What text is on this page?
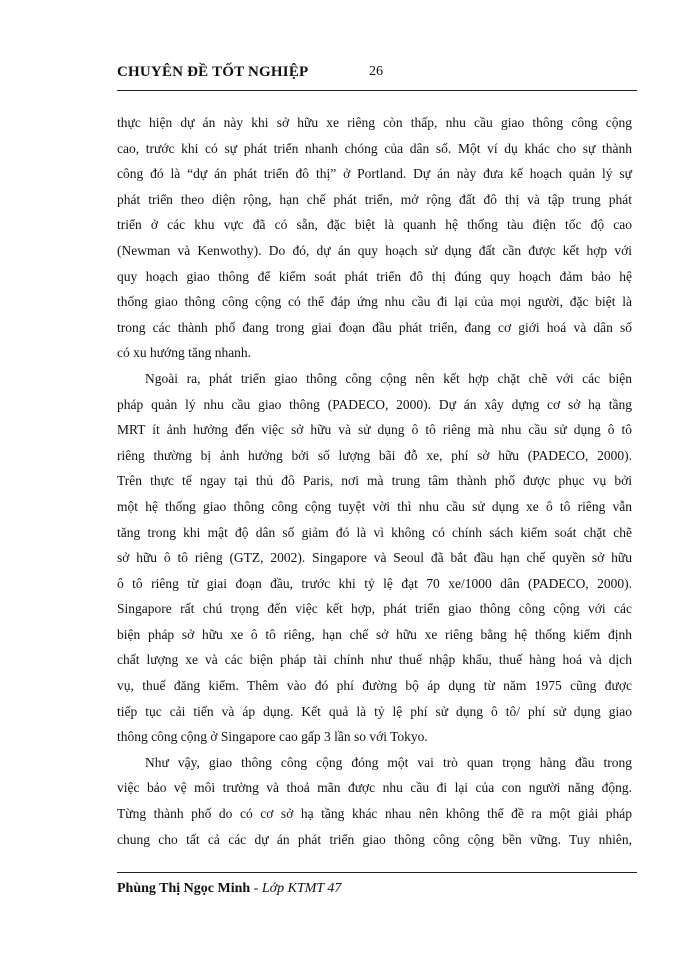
CHUYÊN ĐỀ TỐT NGHIỆP	26

thực hiện dự án này khi sở hữu xe riêng còn thấp, nhu cầu giao thông công cộng
cao, trước khi có sự phát triển nhanh chóng của dân số. Một ví dụ khác cho sự thành
công đó là “dự án phát triển đô thị” ở Portland. Dự án này đưa kế hoạch quản lý sự
phát triển theo diện rộng, hạn chế phát triển, mở rộng đất đô thị và tập trung phát
triển ở các khu vực đã có sẵn, đặc biệt là quanh hệ thống tàu điện tốc độ cao
(Newman và Kenwothy). Do đó, dự án quy hoạch sử dụng đất cần được kết hợp với
quy hoạch giao thông để kiểm soát phát triển đô thị đúng quy hoạch đảm bảo hệ
thống giao thông công cộng có thể đáp ứng nhu cầu đi lại của mọi người, đặc biệt là
trong các thành phố đang trong giai đoạn đầu phát triển, đang cơ giới hoá và dân số
có xu hướng tăng nhanh.

Ngoài ra, phát triển giao thông công cộng nên kết hợp chặt chẽ với các biện
pháp quản lý nhu cầu giao thông (PADECO, 2000). Dự án xây dựng cơ sở hạ tầng
MRT ít ảnh hưởng đến việc sở hữu và sử dụng ô tô riêng mà nhu cầu sử dụng ô tô
riêng thường bị ảnh hưởng bởi số lượng bãi đỗ xe, phí sở hữu (PADECO, 2000).
Trên thực tế ngay tại thủ đô Paris, nơi mà trung tâm thành phố được phục vụ bởi
một hệ thống giao thông công cộng tuyệt vời thì nhu cầu sử dụng xe ô tô riêng vẫn
tăng trong khi mật độ dân số giảm đó là vì không có chính sách kiểm soát chặt chẽ
sở hữu ô tô riêng (GTZ, 2002). Singapore và Seoul đã bắt đầu hạn chế quyền sở hữu
ô tô riêng từ giai đoạn đầu, trước khi tỷ lệ đạt 70 xe/1000 dân (PADECO, 2000).
Singapore rất chú trọng đến việc kết hợp, phát triển giao thông công cộng với các
biện pháp sở hữu xe ô tô riêng, hạn chế sở hữu xe riêng bằng hệ thống kiểm định
chất lượng xe và các biện pháp tài chính như thuế nhập khẩu, thuế hàng hoá và dịch
vụ, thuế đăng kiểm. Thêm vào đó phí đường bộ áp dụng từ năm 1975 cũng được
tiếp tục cải tiến và áp dụng. Kết quả là tỷ lệ phí sử dụng ô tô/ phí sử dụng giao
thông công cộng ở Singapore cao gấp 3 lần so với Tokyo.

Như vậy, giao thông công cộng đóng một vai trò quan trọng hàng đầu trong
việc bảo vệ môi trường và thoả mãn được nhu cầu đi lại của con người năng động.
Từng thành phố do có cơ sở hạ tầng khác nhau nên không thể đề ra một giải pháp
chung cho tất cả các dự án phát triển giao thông công cộng bền vững. Tuy nhiên,

Phùng Thị Ngọc Minh - Lớp KTMT 47
